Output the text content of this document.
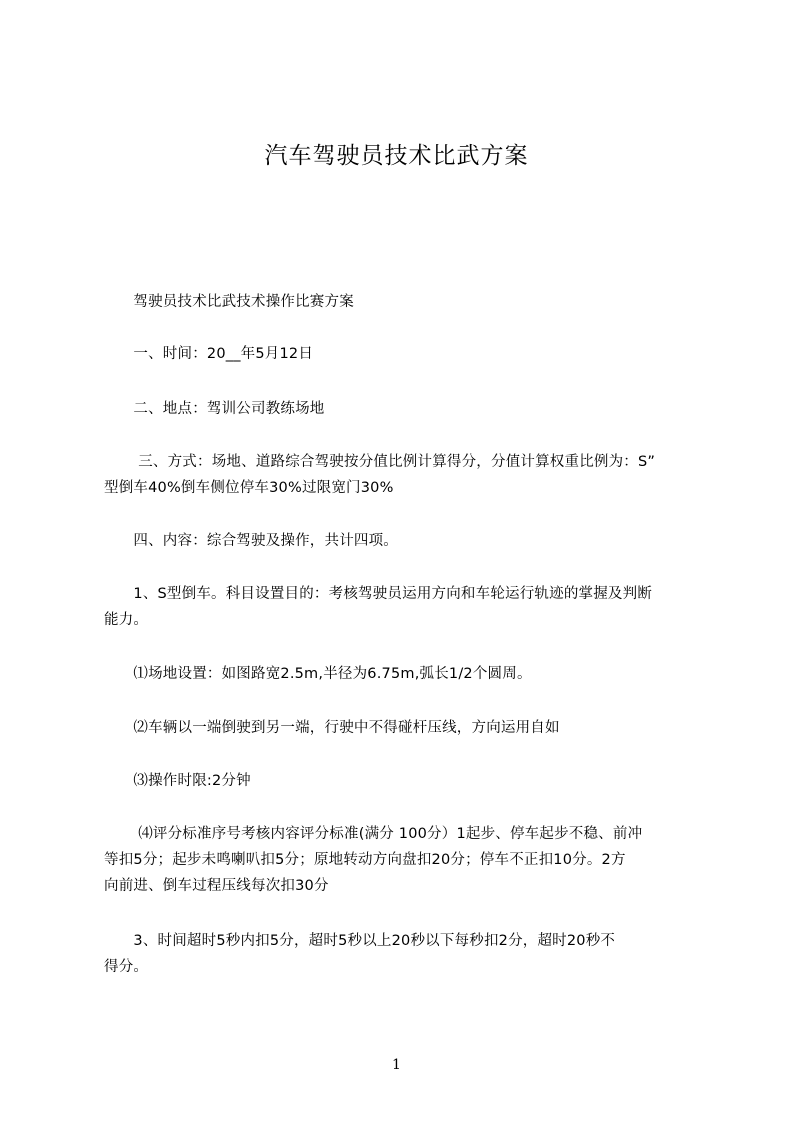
汽车驾驶员技术比武方案
　　驾驶员技术比武技术操作比赛方案
　　一、时间：20__年5月12日
　　二、地点：驾训公司教练场地
　　 三、方式：场地、道路综合驾驶按分值比例计算得分，分值计算权重比例为：S”
型倒车40%倒车侧位停车30%过限宽门30%
　　四、内容：综合驾驶及操作，共计四项。
　　1、S型倒车。科目设置目的：考核驾驶员运用方向和车轮运行轨迹的掌握及判断
能力。
　　⑴场地设置：如图路宽2.5m,半径为6.75m,弧长1/2个圆周。
　　⑵车辆以一端倒驶到另一端，行驶中不得碰杆压线，方向运用自如
　　⑶操作时限:2分钟
　　 ⑷评分标准序号考核内容评分标准(满分 100分）1起步、停车起步不稳、前冲
等扣5分；起步未鸣喇叭扣5分；原地转动方向盘扣20分；停车不正扣10分。2方
向前进、倒车过程压线每次扣30分
　　3、时间超时5秒内扣5分，超时5秒以上20秒以下每秒扣2分，超时20秒不
得分。
1
